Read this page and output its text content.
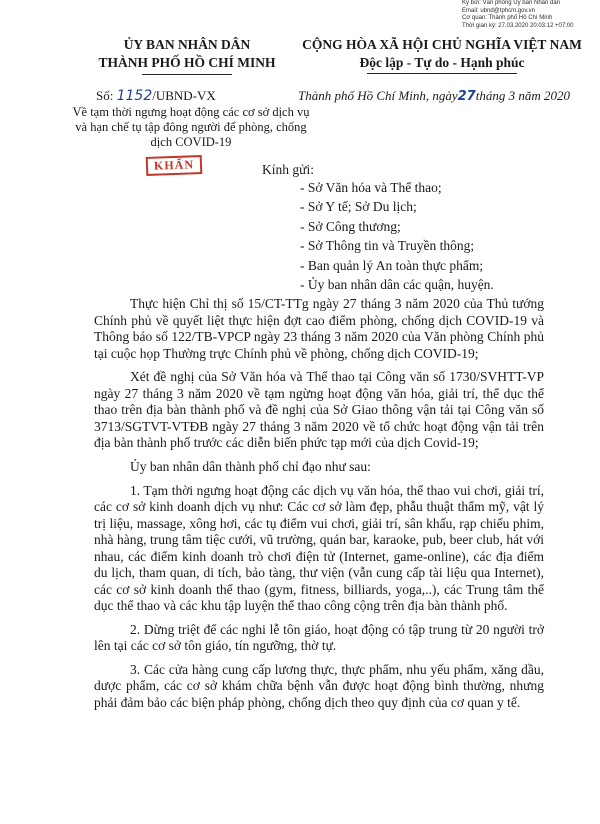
Ký bởi: Văn phòng Ủy ban Nhân dân
Email: ubnd@tphcm.gov.vn
Cơ quan: Thành phố Hồ Chí Minh
Thời gian ký: 27.03.2020 20:03:12 +07:00
ỦY BAN NHÂN DÂN
THÀNH PHỐ HỒ CHÍ MINH
CỘNG HÒA XÃ HỘI CHỦ NGHĨA VIỆT NAM
Độc lập - Tự do - Hạnh phúc
Số: 1152/UBND-VX	Thành phố Hồ Chí Minh, ngày27tháng 3 năm 2020
Về tạm thời ngưng hoạt động các cơ sở dịch vụ và hạn chế tụ tập đông người để phòng, chống dịch COVID-19
KHẨN	Kính gửi:
- Sở Văn hóa và Thể thao;
- Sở Y tế; Sở Du lịch;
- Sở Công thương;
- Sở Thông tin và Truyền thông;
- Ban quản lý An toàn thực phẩm;
- Ủy ban nhân dân các quận, huyện.

Thực hiện Chỉ thị số 15/CT-TTg ngày 27 tháng 3 năm 2020 của Thủ tướng Chính phủ về quyết liệt thực hiện đợt cao điểm phòng, chống dịch COVID-19 và Thông báo số 122/TB-VPCP ngày 23 tháng 3 năm 2020 của Văn phòng Chính phủ tại cuộc họp Thường trực Chính phủ về phòng, chống dịch COVID-19;

Xét đề nghị của Sở Văn hóa và Thể thao tại Công văn số 1730/SVHTT-VP ngày 27 tháng 3 năm 2020 về tạm ngừng hoạt động văn hóa, giải trí, thể dục thể thao trên địa bàn thành phố và đề nghị của Sở Giao thông vận tải tại Công văn số 3713/SGTVT-VTĐB ngày 27 tháng 3 năm 2020 về tổ chức hoạt động vận tải trên địa bàn thành phố trước các diễn biến phức tạp mới của dịch Covid-19;

Ủy ban nhân dân thành phố chỉ đạo như sau:

1. Tạm thời ngưng hoạt động các dịch vụ văn hóa, thể thao vui chơi, giải trí, các cơ sở kinh doanh dịch vụ như: Các cơ sở làm đẹp, phẫu thuật thẩm mỹ, vật lý trị liệu, massage, xông hơi, các tụ điểm vui chơi, giải trí, sân khấu, rạp chiếu phim, nhà hàng, trung tâm tiệc cưới, vũ trường, quán bar, karaoke, pub, beer club, hát với nhau, các điểm kinh doanh trò chơi điện tử (Internet, game-online), các địa điểm du lịch, tham quan, di tích, bảo tàng, thư viện (vẫn cung cấp tài liệu qua Internet), các cơ sở kinh doanh thể thao (gym, fitness, billiards, yoga,..), các Trung tâm thể dục thể thao và các khu tập luyện thể thao công cộng trên địa bàn thành phố.

2. Dừng triệt để các nghi lễ tôn giáo, hoạt động có tập trung từ 20 người trở lên tại các cơ sở tôn giáo, tín ngưỡng, thờ tự.

3. Các cửa hàng cung cấp lương thực, thực phẩm, nhu yếu phẩm, xăng dầu, dược phẩm, các cơ sở khám chữa bệnh vẫn được hoạt động bình thường, nhưng phải đảm bảo các biện pháp phòng, chống dịch theo quy định của cơ quan y tế.
